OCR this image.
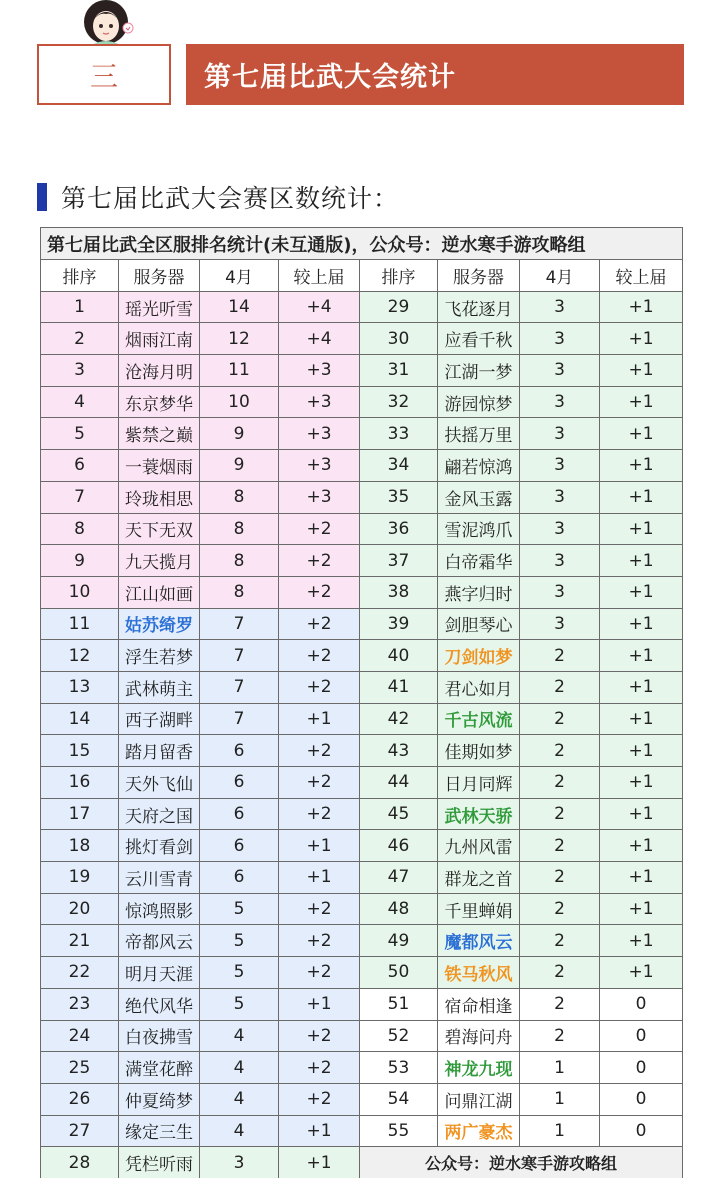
三	第七届比武大会统计
第七届比武大会赛区数统计：
第七届比武全区服排名统计(未互通版)，公众号：逆水寒手游攻略组							
排序	服务器	4月	较上届	排序	服务器	4月	较上届
1	瑶光听雪	14	+4	29	飞花逐月	3	+1
2	烟雨江南	12	+4	30	应看千秋	3	+1
3	沧海月明	11	+3	31	江湖一梦	3	+1
4	东京梦华	10	+3	32	游园惊梦	3	+1
5	紫禁之巅	9	+3	33	扶摇万里	3	+1
6	一蓑烟雨	9	+3	34	翩若惊鸿	3	+1
7	玲珑相思	8	+3	35	金风玉露	3	+1
8	天下无双	8	+2	36	雪泥鸿爪	3	+1
9	九天揽月	8	+2	37	白帝霜华	3	+1
10	江山如画	8	+2	38	燕字归时	3	+1
11	姑苏绮罗	7	+2	39	剑胆琴心	3	+1
12	浮生若梦	7	+2	40	刀剑如梦	2	+1
13	武林萌主	7	+2	41	君心如月	2	+1
14	西子湖畔	7	+1	42	千古风流	2	+1
15	踏月留香	6	+2	43	佳期如梦	2	+1
16	天外飞仙	6	+2	44	日月同辉	2	+1
17	天府之国	6	+2	45	武林天骄	2	+1
18	挑灯看剑	6	+1	46	九州风雷	2	+1
19	云川雪青	6	+1	47	群龙之首	2	+1
20	惊鸿照影	5	+2	48	千里蝉娟	2	+1
21	帝都风云	5	+2	49	魔都风云	2	+1
22	明月天涯	5	+2	50	铁马秋风	2	+1
23	绝代风华	5	+1	51	宿命相逢	2	0
24	白夜拂雪	4	+2	52	碧海问舟	2	0
25	满堂花醉	4	+2	53	神龙九现	1	0
26	仲夏绮梦	4	+2	54	问鼎江湖	1	0
27	缘定三生	4	+1	55	两广豪杰	1	0
28	凭栏听雨	3	+1	公众号：逆水寒手游攻略组			
